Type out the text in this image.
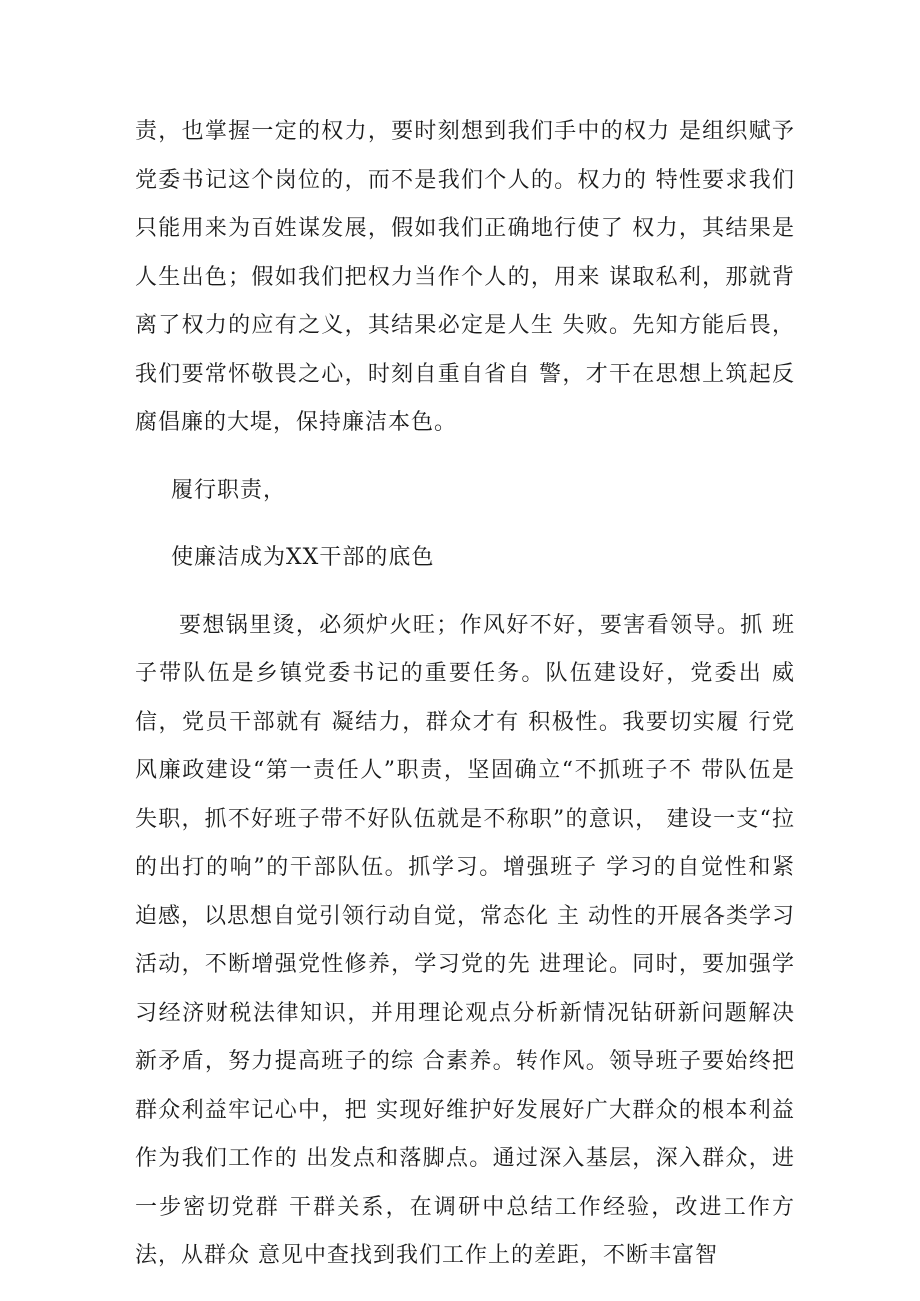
责，也掌握一定的权力，要时刻想到我们手中的权力 是组织赋予党委书记这个岗位的，而不是我们个人的。权力的 特性要求我们只能用来为百姓谋发展，假如我们正确地行使了 权力，其结果是人生出色；假如我们把权力当作个人的，用来 谋取私利，那就背离了权力的应有之义，其结果必定是人生 失败。先知方能后畏，我们要常怀敬畏之心，时刻自重自省自 警，才干在思想上筑起反腐倡廉的大堤，保持廉洁本色。

履行职责，

使廉洁成为XX干部的底色

要想锅里烫，必须炉火旺；作风好不好，要害看领导。抓 班子带队伍是乡镇党委书记的重要任务。队伍建设好，党委出 威信，党员干部就有 凝结力，群众才有 积极性。我要切实履 行党风廉政建设“第一责任人”职责，坚固确立“不抓班子不 带队伍是失职，抓不好班子带不好队伍就是不称职”的意识， 建设一支“拉的出打的响”的干部队伍。抓学习。增强班子 学习的自觉性和紧迫感，以思想自觉引领行动自觉，常态化 主 动性的开展各类学习活动，不断增强党性修养，学习党的先 进理论。同时，要加强学习经济财税法律知识，并用理论观点分析新情况钻研新问题解决新矛盾，努力提高班子的综 合素养。转作风。领导班子要始终把群众利益牢记心中，把 实现好维护好发展好广大群众的根本利益作为我们工作的 出发点和落脚点。通过深入基层，深入群众，进一步密切党群 干群关系，在调研中总结工作经验，改进工作方法，从群众 意见中查找到我们工作上的差距，不断丰富智
